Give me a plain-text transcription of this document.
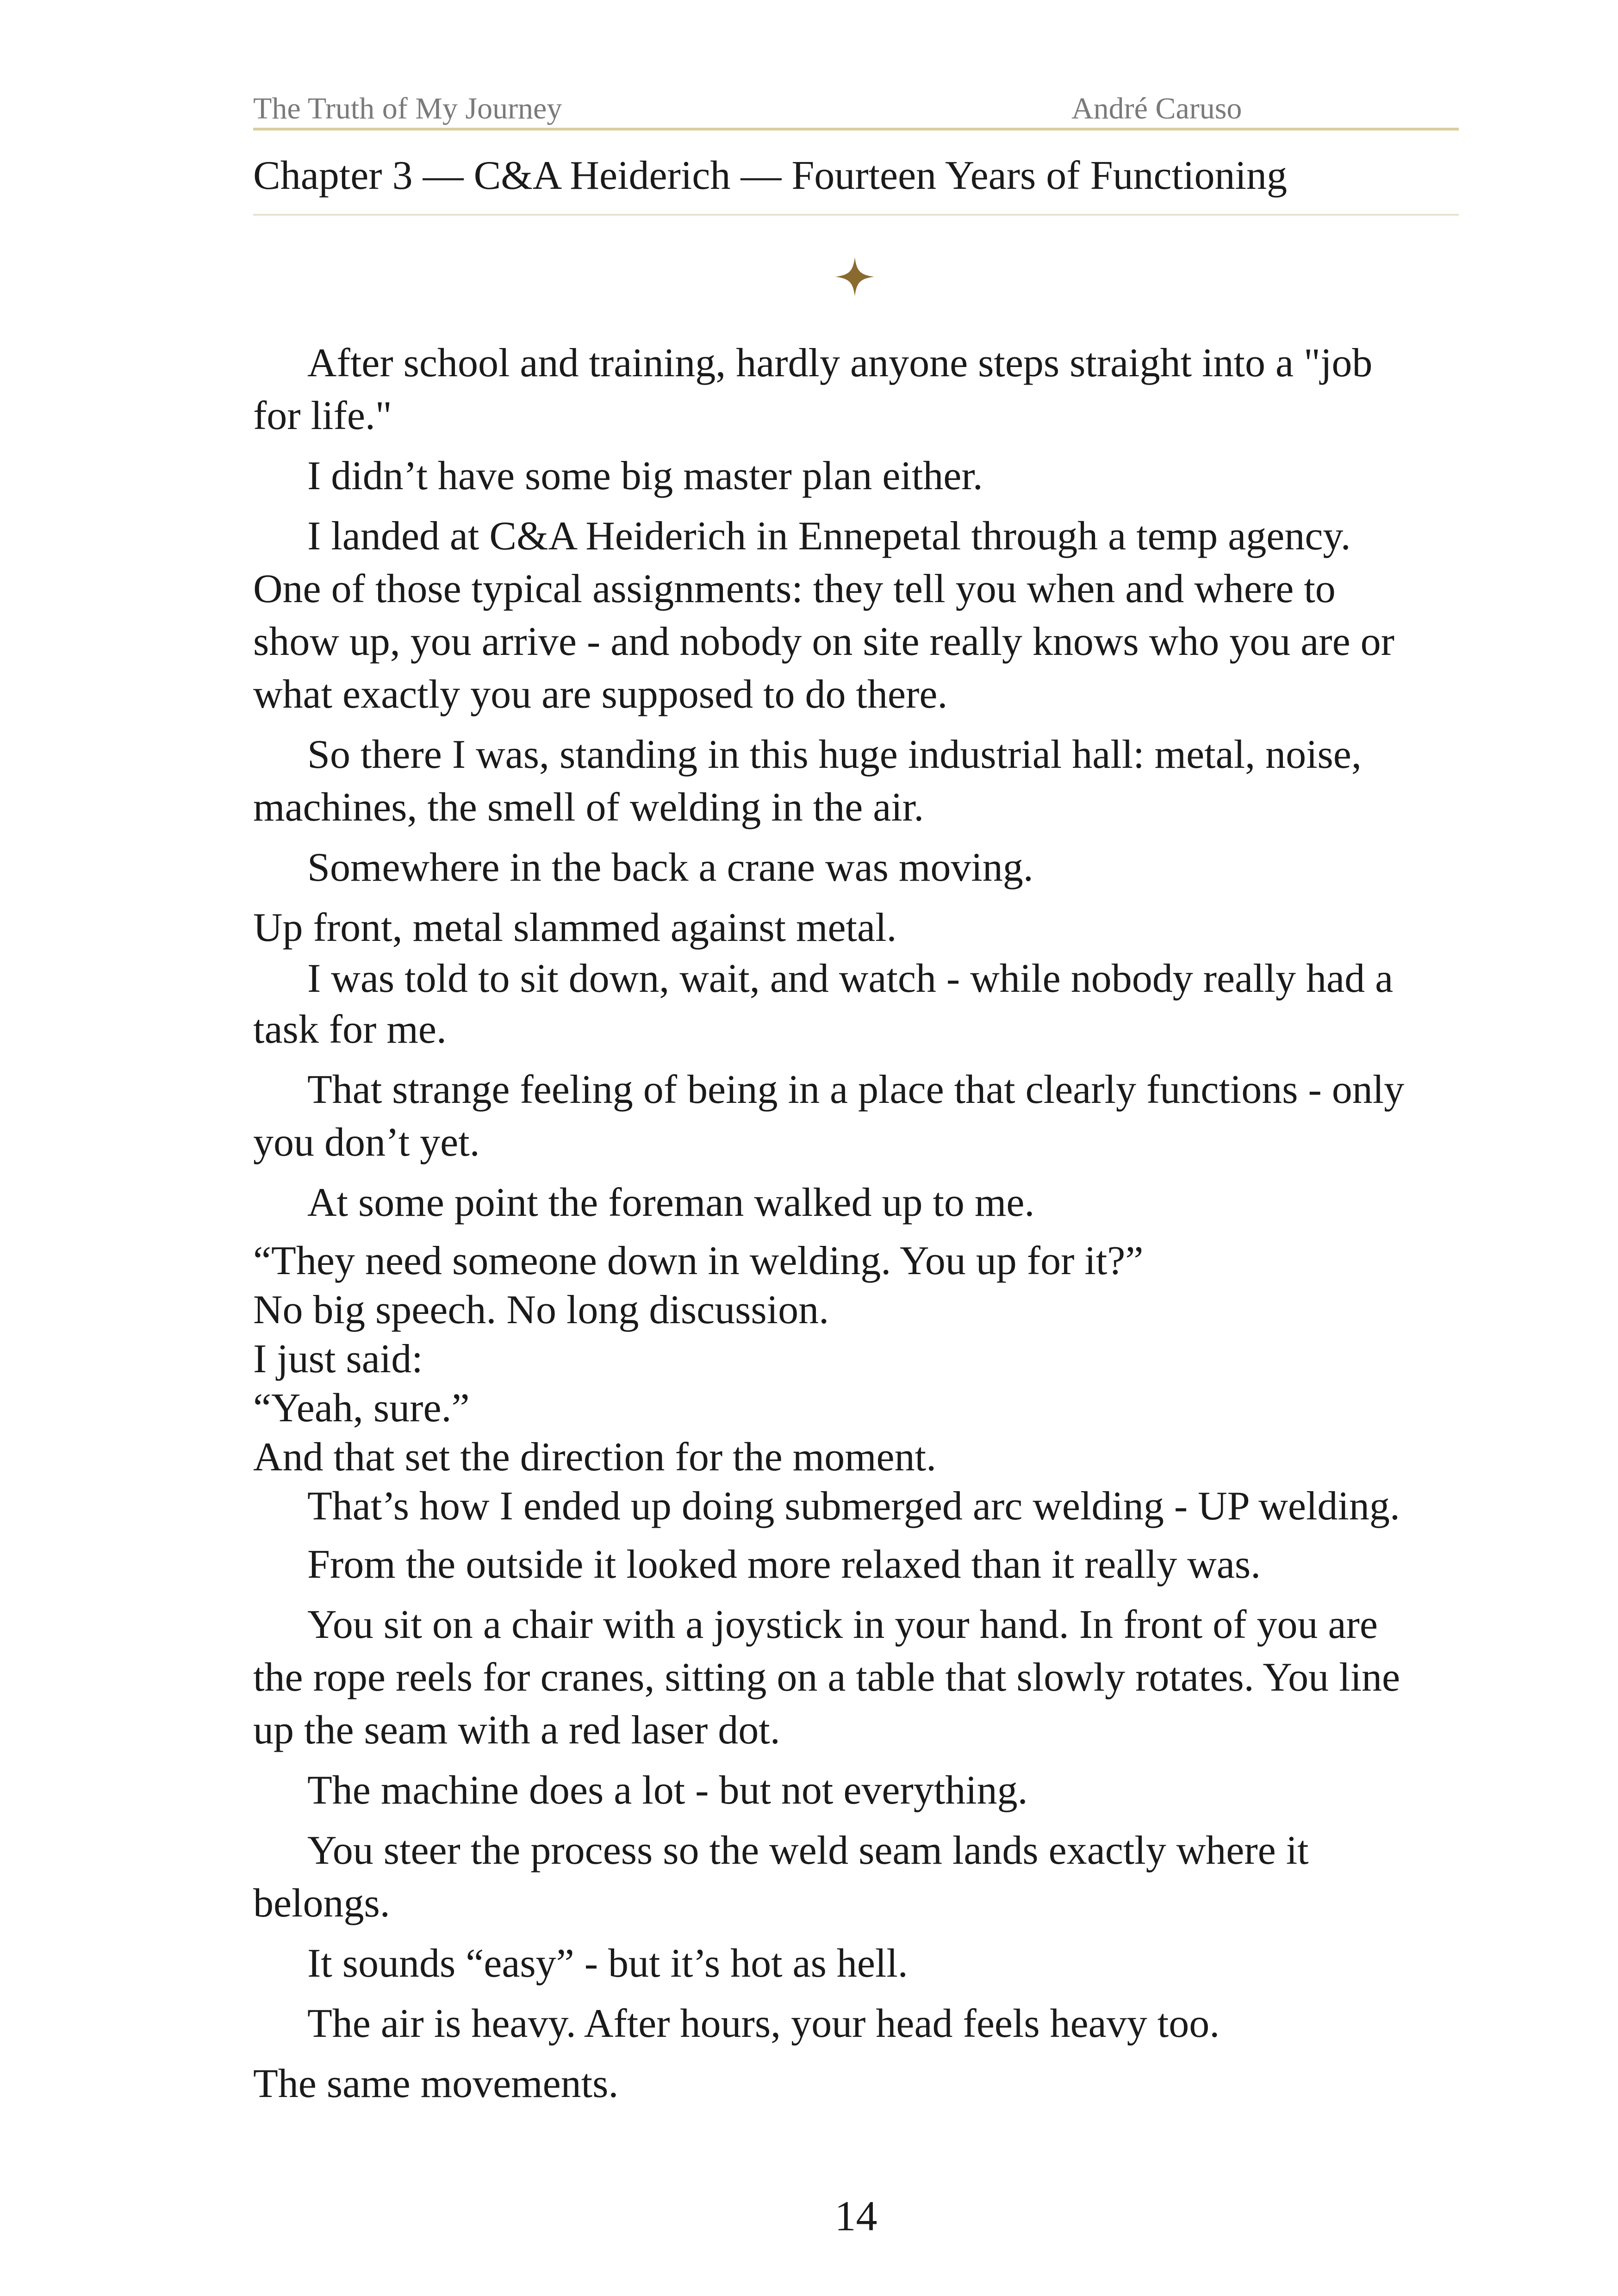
The Truth of My Journey	André Caruso
Chapter 3 — C&A Heiderich — Fourteen Years of Functioning

After school and training, hardly anyone steps straight into a "job

for life."

I didn’t have some big master plan either.

I landed at C&A Heiderich in Ennepetal through a temp agency.

One of those typical assignments: they tell you when and where to

show up, you arrive - and nobody on site really knows who you are or

what exactly you are supposed to do there.

So there I was, standing in this huge industrial hall: metal, noise,

machines, the smell of welding in the air.

Somewhere in the back a crane was moving.

Up front, metal slammed against metal.

I was told to sit down, wait, and watch - while nobody really had a

task for me.

That strange feeling of being in a place that clearly functions - only

you don’t yet.

At some point the foreman walked up to me.

“They need someone down in welding. You up for it?”

No big speech. No long discussion.

I just said:

“Yeah, sure.”

And that set the direction for the moment.

That’s how I ended up doing submerged arc welding - UP welding.

From the outside it looked more relaxed than it really was.

You sit on a chair with a joystick in your hand. In front of you are

the rope reels for cranes, sitting on a table that slowly rotates. You line

up the seam with a red laser dot.

The machine does a lot - but not everything.

You steer the process so the weld seam lands exactly where it

belongs.

It sounds “easy” - but it’s hot as hell.

The air is heavy. After hours, your head feels heavy too.

The same movements.

14
